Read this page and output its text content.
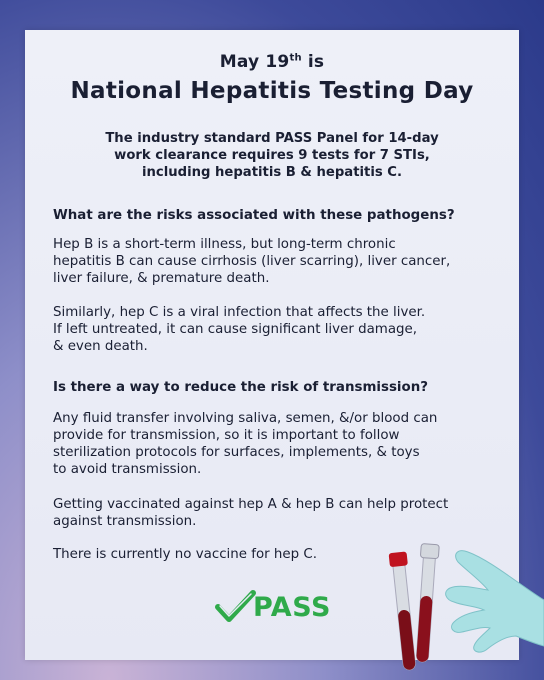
May 19th is
National Hepatitis Testing Day
The industry standard PASS Panel for 14-day
work clearance requires 9 tests for 7 STIs,
including hepatitis B & hepatitis C.
What are the risks associated with these pathogens?
Hep B is a short-term illness, but long-term chronic
hepatitis B can cause cirrhosis (liver scarring), liver cancer,
liver failure, & premature death.
Similarly, hep C is a viral infection that affects the liver.
If left untreated, it can cause significant liver damage,
& even death.
Is there a way to reduce the risk of transmission?
Any fluid transfer involving saliva, semen, &/or blood can
provide for transmission, so it is important to follow
sterilization protocols for surfaces, implements, & toys
to avoid transmission.
Getting vaccinated against hep A & hep B can help protect
against transmission.
There is currently no vaccine for hep C.
PASS
